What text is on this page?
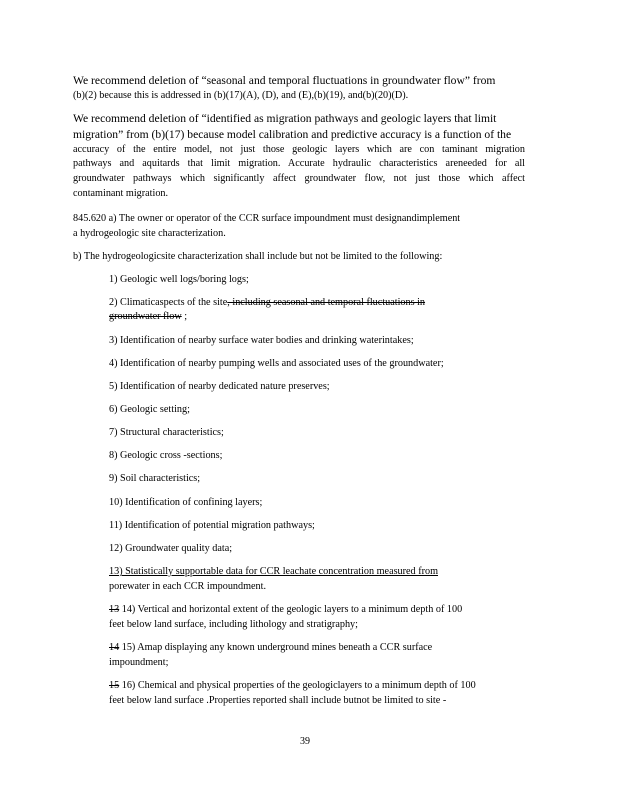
We recommend deletion of “seasonal and temporal fluctuations in groundwater flow” from
(b)(2) because this is addressed in (b)(17)(A), (D), and (E),(b)(19), and(b)(20)(D).
We recommend deletion of “identified as migration pathways and geologic layers that limit
migration” from (b)(17) because model calibration and predictive accuracy is a function of the
accuracy of the entire model, not just those geologic layers which are con taminant migration
pathways and aquitards that limit migration. Accurate hydraulic characteristics areneeded for all
groundwater pathways which significantly affect groundwater flow, not just those which affect
contaminant migration.
845.620 a) The owner or operator of the CCR surface impoundment must designandimplement
a hydrogeologic site characterization.
b) The hydrogeologicsite characterization shall include but not be limited to the following:
1) Geologic well logs/boring logs;
2) Climaticaspects of the site, including seasonal and temporal fluctuations in
groundwater flow ;
3) Identification of nearby surface water bodies and drinking waterintakes;
4) Identification of nearby pumping wells and associated uses of the groundwater;
5) Identification of nearby dedicated nature preserves;
6) Geologic setting;
7) Structural characteristics;
8) Geologic cross -sections;
9) Soil characteristics;
10) Identification of confining layers;
11) Identification of potential migration pathways;
12) Groundwater quality data;
13) Statistically supportable data for CCR leachate concentration measured from
porewater in each CCR impoundment.
13 14) Vertical and horizontal extent of the geologic layers to a minimum depth of 100
feet below land surface, including lithology and stratigraphy;
14 15) Amap displaying any known underground mines beneath a CCR surface
impoundment;
15 16) Chemical and physical properties of the geologiclayers to a minimum depth of 100
feet below land surface .Properties reported shall include butnot be limited to site -
39
